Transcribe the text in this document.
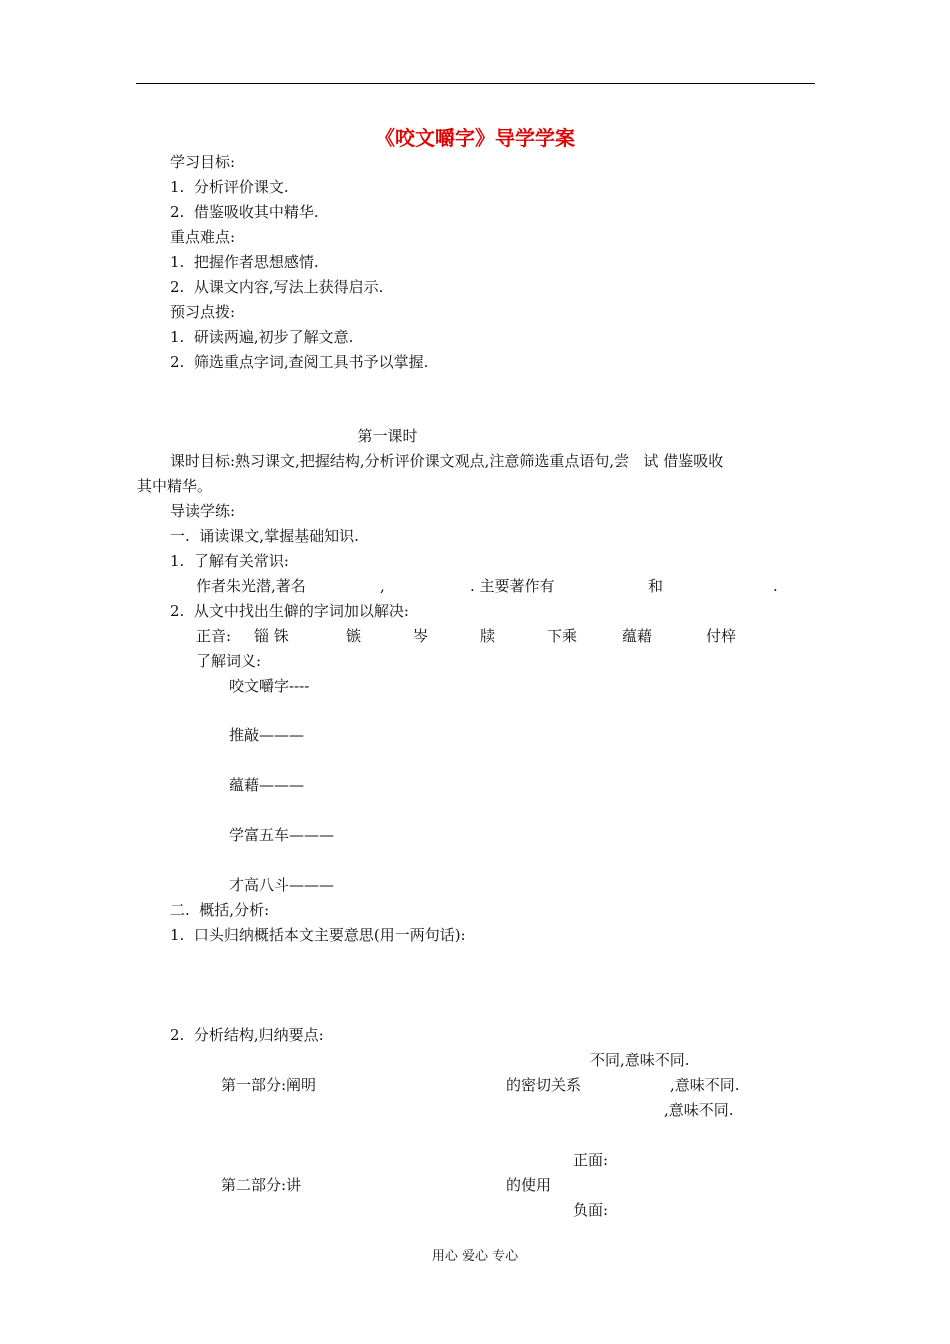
《咬文嚼字》导学学案
学习目标:
1.  分析评价课文.
2.  借鉴吸收其中精华.
重点难点:
1.  把握作者思想感情.
2.  从课文内容,写法上获得启示.
预习点拨:
1.  研读两遍,初步了解文意.
2.  筛选重点字词,查阅工具书予以掌握.
第一课时
课时目标:熟习课文,把握结构,分析评价课文观点,注意筛选重点语句,尝   试 借鉴吸收
其中精华。
导读学练:
一.  诵读课文,掌握基础知识.
1.  了解有关常识:
作者朱光潜,著名	,	. 主要著作有	和	.
2.  从文中找出生僻的字词加以解决:
正音: 锱 铢	镞	岑	牍	下乘	蕴藉	付梓
了解词义:
咬文嚼字----
推敲———
蕴藉———
学富五车———
才高八斗———
二.  概括,分析:
1.  口头归纳概括本文主要意思(用一两句话):
2.  分析结构,归纳要点:
不同,意味不同.
第一部分:阐明	的密切关系	,意味不同.
,意味不同.
正面:
第二部分:讲	的使用
负面:
用心 爱心 专心
